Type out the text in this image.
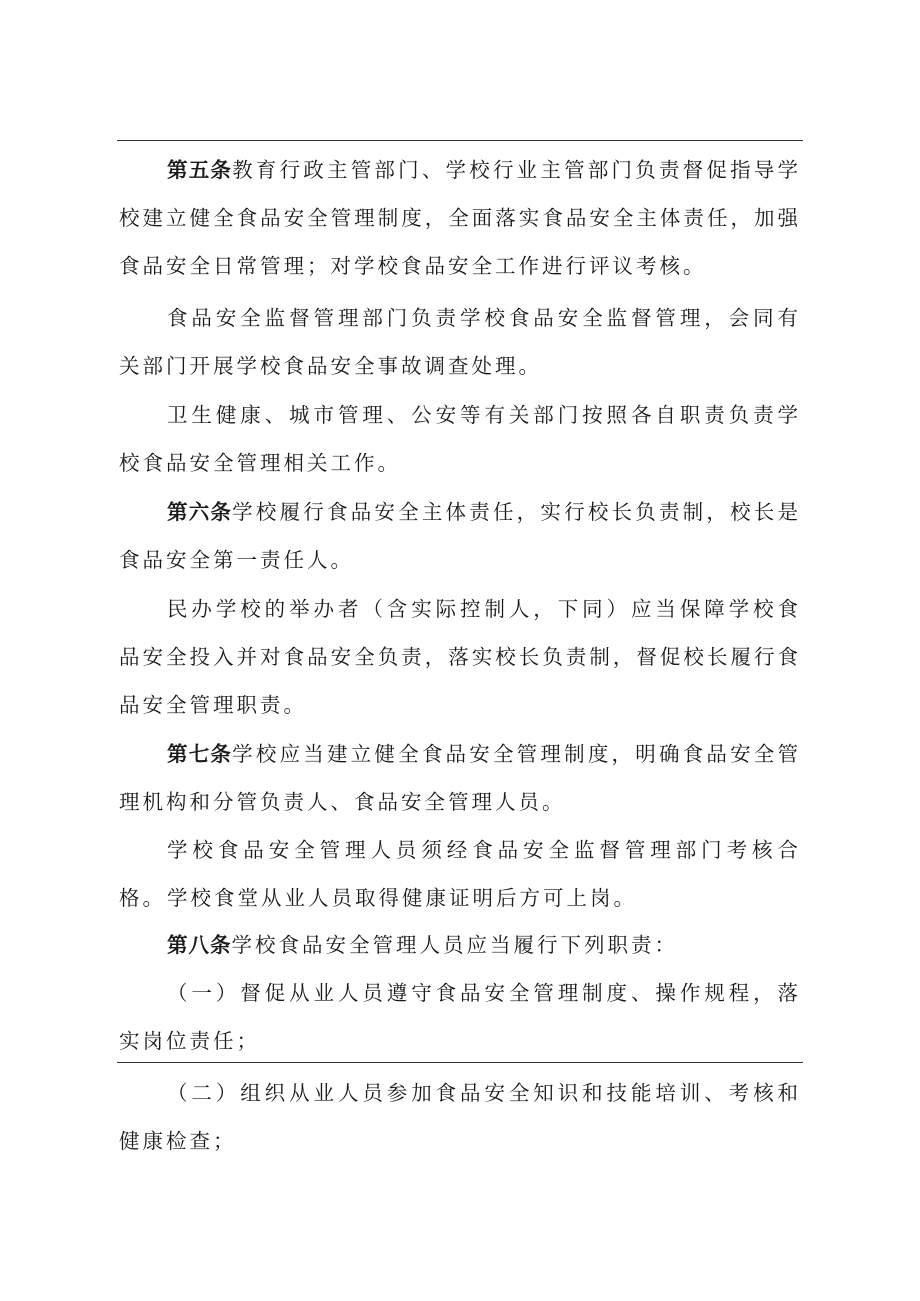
第五条教育行政主管部门、学校行业主管部门负责督促指导学校建立健全食品安全管理制度，全面落实食品安全主体责任，加强食品安全日常管理；对学校食品安全工作进行评议考核。

食品安全监督管理部门负责学校食品安全监督管理，会同有关部门开展学校食品安全事故调查处理。

卫生健康、城市管理、公安等有关部门按照各自职责负责学校食品安全管理相关工作。

第六条学校履行食品安全主体责任，实行校长负责制，校长是食品安全第一责任人。

民办学校的举办者（含实际控制人，下同）应当保障学校食品安全投入并对食品安全负责，落实校长负责制，督促校长履行食品安全管理职责。

第七条学校应当建立健全食品安全管理制度，明确食品安全管理机构和分管负责人、食品安全管理人员。

学校食品安全管理人员须经食品安全监督管理部门考核合格。 学校食堂从业人员取得健康证明后方可上岗。

第八条学校食品安全管理人员应当履行下列职责：

（一）督促从业人员遵守食品安全管理制度、操作规程，落实岗位责任；

（二）组织从业人员参加食品安全知识和技能培训、考核和健康检查；
